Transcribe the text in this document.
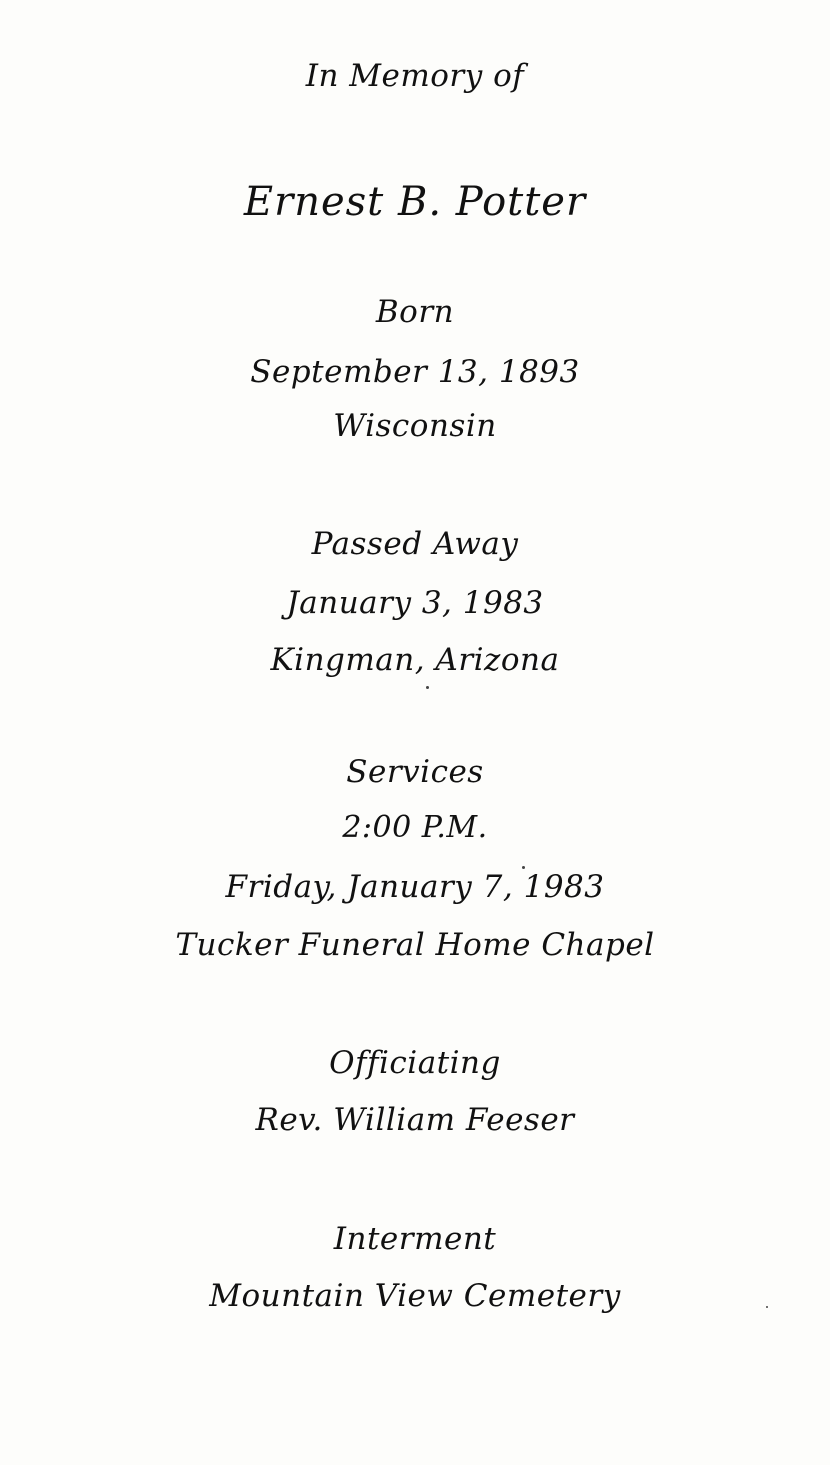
In Memory of
Ernest B. Potter
Born
September 13, 1893
Wisconsin
Passed Away
January 3, 1983
Kingman, Arizona
Services
2:00 P.M.
Friday, January 7, 1983
Tucker Funeral Home Chapel
Officiating
Rev. William Feeser
Interment
Mountain View Cemetery
